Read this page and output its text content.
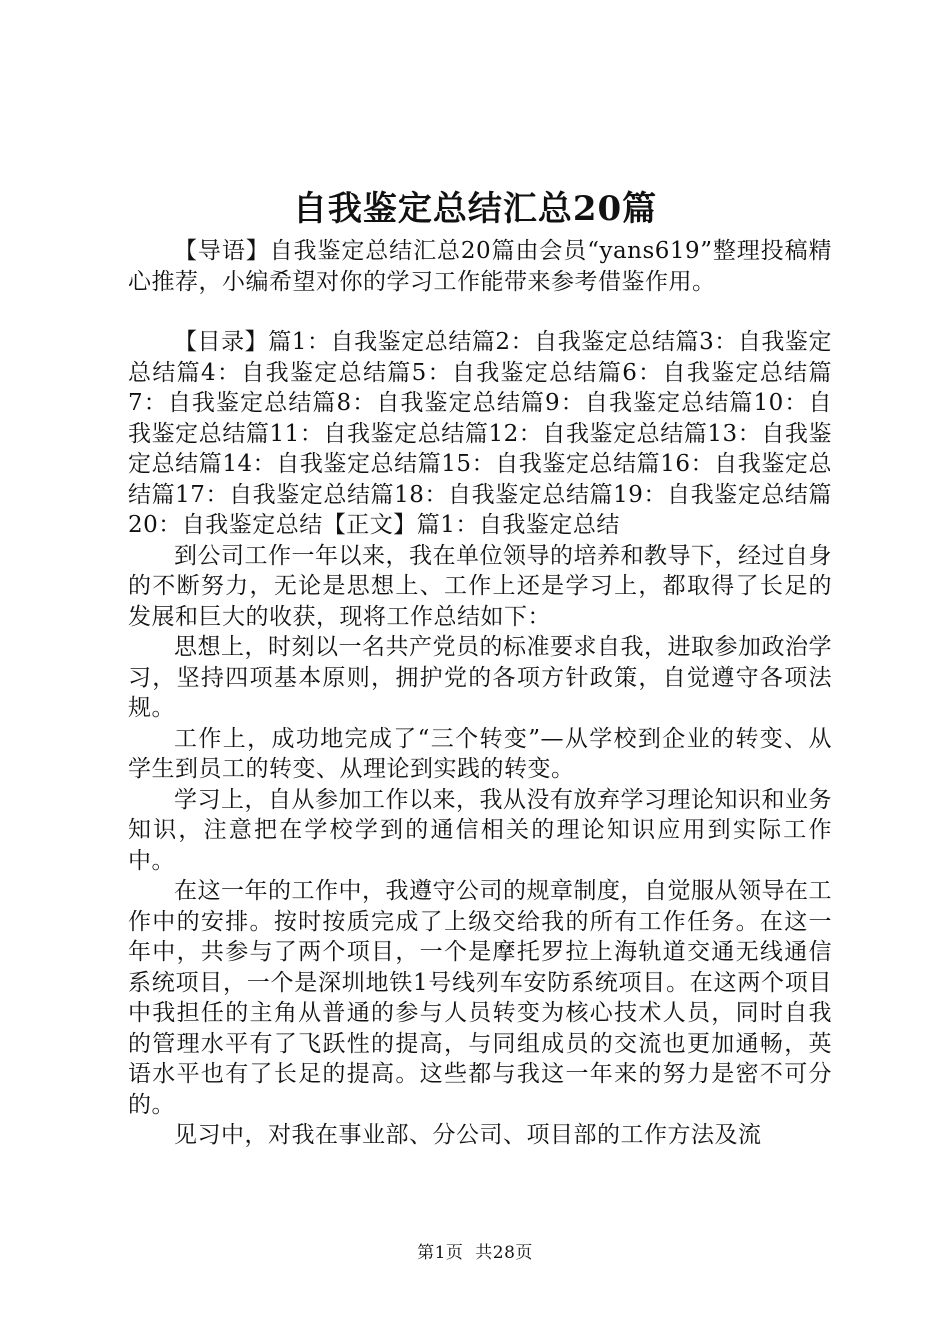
自我鉴定总结汇总20篇

【导语】自我鉴定总结汇总20篇由会员“yans619”整理投稿精心推荐，小编希望对你的学习工作能带来参考借鉴作用。

【目录】篇1：自我鉴定总结篇2：自我鉴定总结篇3：自我鉴定总结篇4：自我鉴定总结篇5：自我鉴定总结篇6：自我鉴定总结篇7：自我鉴定总结篇8：自我鉴定总结篇9：自我鉴定总结篇10：自我鉴定总结篇11：自我鉴定总结篇12：自我鉴定总结篇13：自我鉴定总结篇14：自我鉴定总结篇15：自我鉴定总结篇16：自我鉴定总结篇17：自我鉴定总结篇18：自我鉴定总结篇19：自我鉴定总结篇20：自我鉴定总结【正文】篇1：自我鉴定总结

到公司工作一年以来，我在单位领导的培养和教导下，经过自身的不断努力，无论是思想上、工作上还是学习上，都取得了长足的发展和巨大的收获，现将工作总结如下：

思想上，时刻以一名共产党员的标准要求自我，进取参加政治学习，坚持四项基本原则，拥护党的各项方针政策，自觉遵守各项法规。

工作上，成功地完成了“三个转变”—从学校到企业的转变、从学生到员工的转变、从理论到实践的转变。

学习上，自从参加工作以来，我从没有放弃学习理论知识和业务知识，注意把在学校学到的通信相关的理论知识应用到实际工作中。

在这一年的工作中，我遵守公司的规章制度，自觉服从领导在工作中的安排。按时按质完成了上级交给我的所有工作任务。在这一年中，共参与了两个项目，一个是摩托罗拉上海轨道交通无线通信系统项目，一个是深圳地铁1号线列车安防系统项目。在这两个项目中我担任的主角从普通的参与人员转变为核心技术人员，同时自我的管理水平有了飞跃性的提高，与同组成员的交流也更加通畅，英语水平也有了长足的提高。这些都与我这一年来的努力是密不可分的。

见习中，对我在事业部、分公司、项目部的工作方法及流

第1页 共28页
